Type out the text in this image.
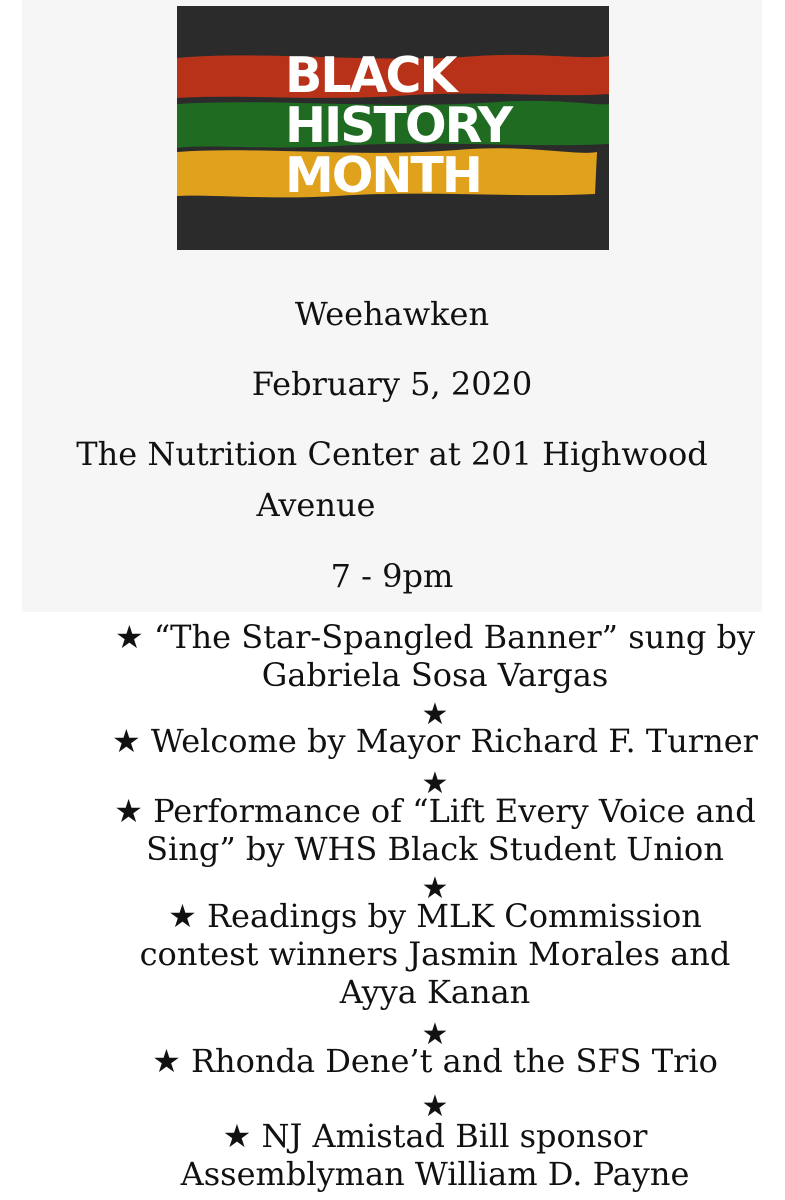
BLACK
HISTORY
MONTH
Weehawken
February 5, 2020
The Nutrition Center at 201 Highwood
Avenue
7 - 9pm
★ “The Star-Spangled Banner” sung by
Gabriela Sosa Vargas
★ Welcome by Mayor Richard F. Turner
★ Performance of “Lift Every Voice and
Sing” by WHS Black Student Union
★ Readings by MLK Commission
contest winners Jasmin Morales and
Ayya Kanan
★ Rhonda Dene’t and the SFS Trio
★ NJ Amistad Bill sponsor
Assemblyman William D. Payne
★
★
★
★
★
